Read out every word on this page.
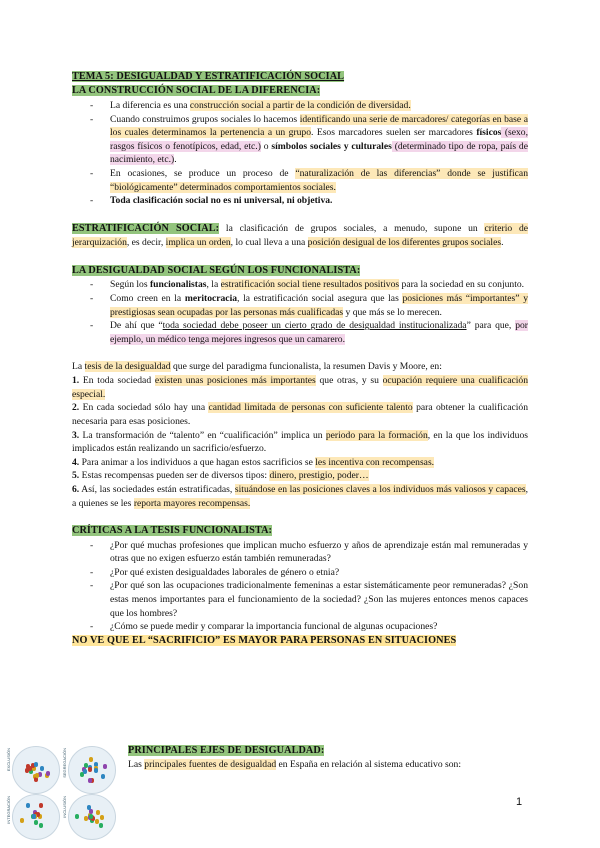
TEMA 5: DESIGUALDAD Y ESTRATIFICACIÓN SOCIAL
LA CONSTRUCCIÓN SOCIAL DE LA DIFERENCIA:
- La diferencia es una construcción social a partir de la condición de diversidad.
- Cuando construimos grupos sociales lo hacemos identificando una serie de marcadores/ categorías en base a los cuales determinamos la pertenencia a un grupo. Esos marcadores suelen ser marcadores físicos (sexo, rasgos físicos o fenotípicos, edad, etc.) o símbolos sociales y culturales (determinado tipo de ropa, país de nacimiento, etc.).
- En ocasiones, se produce un proceso de “naturalización de las diferencias” donde se justifican “biológicamente” determinados comportamientos sociales.
- Toda clasificación social no es ni universal, ni objetiva.

ESTRATIFICACIÓN SOCIAL: la clasificación de grupos sociales, a menudo, supone un criterio de jerarquización, es decir, implica un orden, lo cual lleva a una posición desigual de los diferentes grupos sociales.

LA DESIGUALDAD SOCIAL SEGÚN LOS FUNCIONALISTA:
- Según los funcionalistas, la estratificación social tiene resultados positivos para la sociedad en su conjunto.
- Como creen en la meritocracia, la estratificación social asegura que las posiciones más “importantes” y prestigiosas sean ocupadas por las personas más cualificadas y que más se lo merecen.
- De ahí que “toda sociedad debe poseer un cierto grado de desigualdad institucionalizada” para que, por ejemplo, un médico tenga mejores ingresos que un camarero.

La tesis de la desigualdad que surge del paradigma funcionalista, la resumen Davis y Moore, en:

1. En toda sociedad existen unas posiciones más importantes que otras, y su ocupación requiere una cualificación especial.

2. En cada sociedad sólo hay una cantidad limitada de personas con suficiente talento para obtener la cualificación necesaria para esas posiciones.

3. La transformación de “talento” en “cualificación” implica un periodo para la formación, en la que los individuos implicados están realizando un sacrificio/esfuerzo.

4. Para animar a los individuos a que hagan estos sacrificios se les incentiva con recompensas.

5. Estas recompensas pueden ser de diversos tipos: dinero, prestigio, poder…

6. Así, las sociedades están estratificadas, situándose en las posiciones claves a los individuos más valiosos y capaces, a quienes se les reporta mayores recompensas.

CRÍTICAS A LA TESIS FUNCIONALISTA:
- ¿Por qué muchas profesiones que implican mucho esfuerzo y años de aprendizaje están mal remuneradas y otras que no exigen esfuerzo están también remuneradas?
- ¿Por qué existen desigualdades laborales de género o etnia?
- ¿Por qué son las ocupaciones tradicionalmente femeninas a estar sistemáticamente peor remuneradas? ¿Son estas menos importantes para el funcionamiento de la sociedad? ¿Son las mujeres entonces menos capaces que los hombres?
- ¿Cómo se puede medir y comparar la importancia funcional de algunas ocupaciones?
NO VE QUE EL “SACRIFICIO” ES MAYOR PARA PERSONAS EN SITUACIONES
EXCLUSIÓN	SEGREGACIÓN
INTEGRACIÓN	INCLUSIÓN
PRINCIPALES EJES DE DESIGUALDAD:

Las principales fuentes de desigualdad en España en relación al sistema educativo son:

1
